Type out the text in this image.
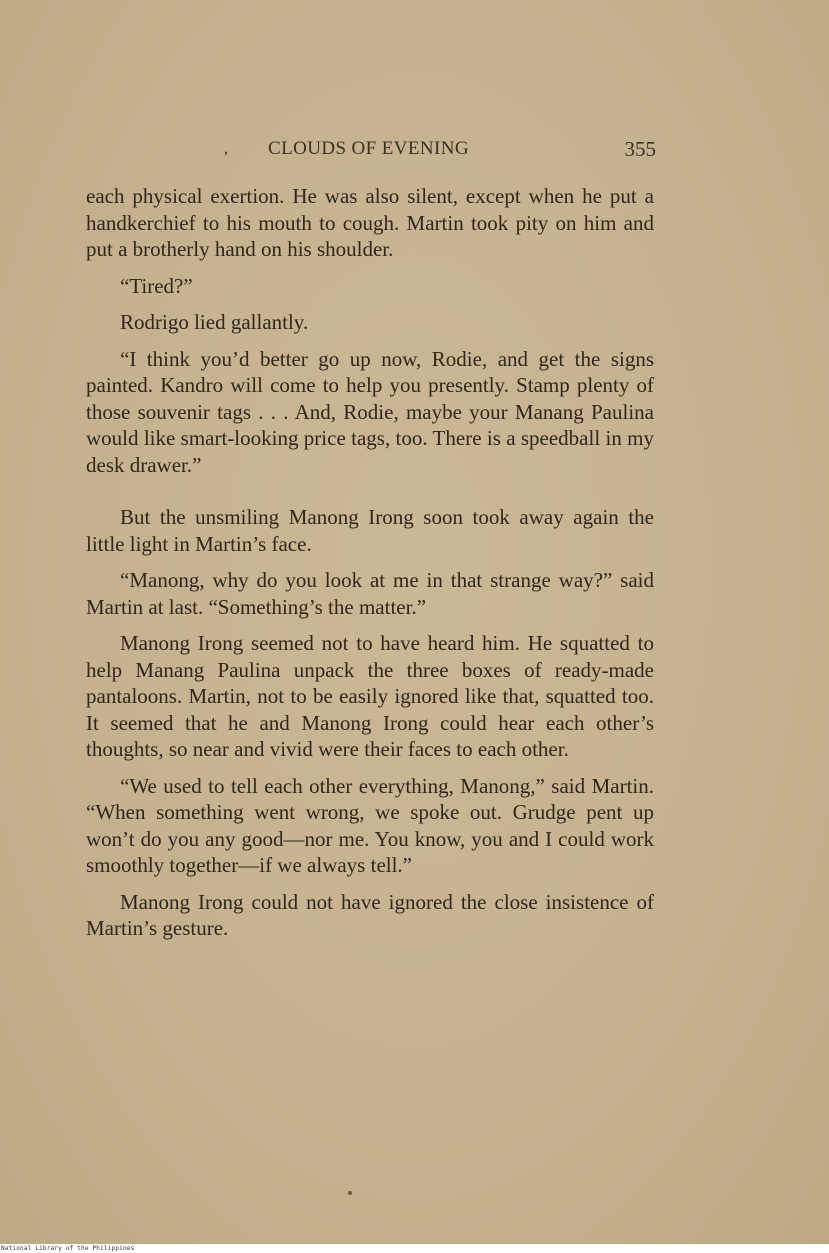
, CLOUDS OF EVENING	355

each physical exertion. He was also silent, except when he put a handkerchief to his mouth to cough. Martin took pity on him and put a brotherly hand on his shoulder.

“Tired?”

Rodrigo lied gallantly.

“I think you’d better go up now, Rodie, and get the signs painted. Kandro will come to help you presently. Stamp plenty of those souvenir tags . . . And, Rodie, maybe your Manang Paulina would like smart-looking price tags, too. There is a speedball in my desk drawer.”

But the unsmiling Manong Irong soon took away again the little light in Martin’s face.

“Manong, why do you look at me in that strange way?” said Martin at last. “Something’s the matter.”

Manong Irong seemed not to have heard him. He squatted to help Manang Paulina unpack the three boxes of ready-made pantaloons. Martin, not to be easily ignored like that, squatted too. It seemed that he and Manong Irong could hear each other’s thoughts, so near and vivid were their faces to each other.

“We used to tell each other everything, Manong,” said Martin. “When something went wrong, we spoke out. Grudge pent up won’t do you any good—nor me. You know, you and I could work smoothly together—if we always tell.”

Manong Irong could not have ignored the close insistence of Martin’s gesture.

National Library of the Philippines
